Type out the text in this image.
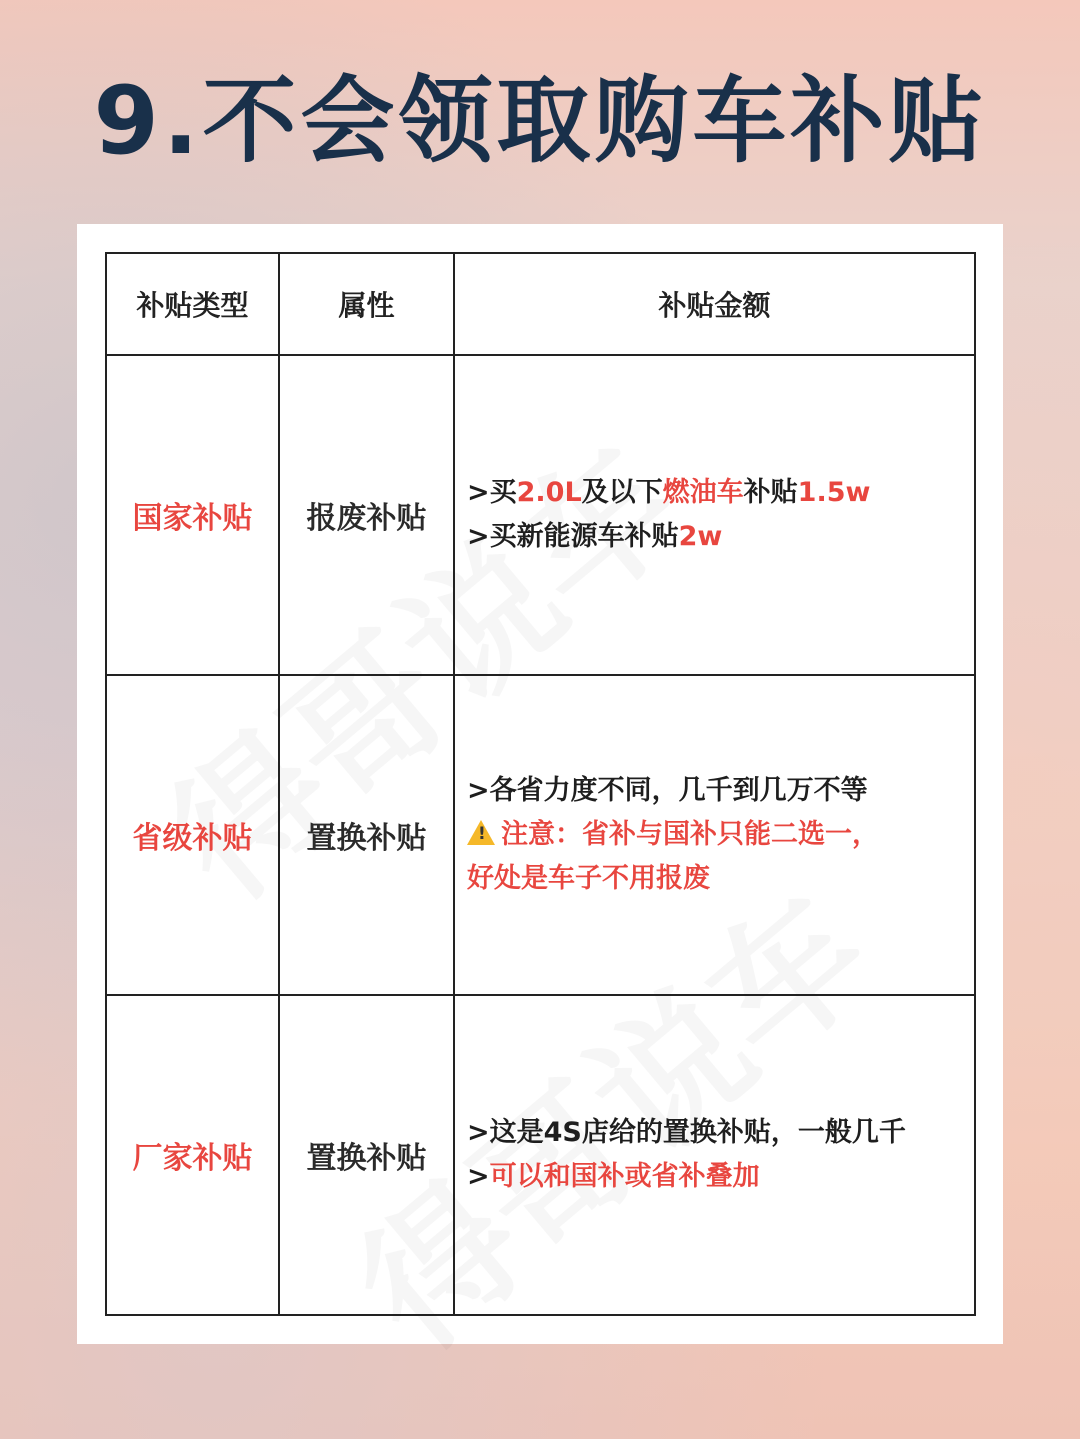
9.不会领取购车补贴
补贴类型	属性	补贴金额
国家补贴	报废补贴	>买2.0L及以下燃油车补贴1.5w
>买新能源车补贴2w

省级补贴	置换补贴	>各省力度不同，几千到几万不等
!注意：省补与国补只能二选一，
好处是车子不用报废

厂家补贴	置换补贴	>这是4S店给的置换补贴，一般几千
>可以和国补或省补叠加
